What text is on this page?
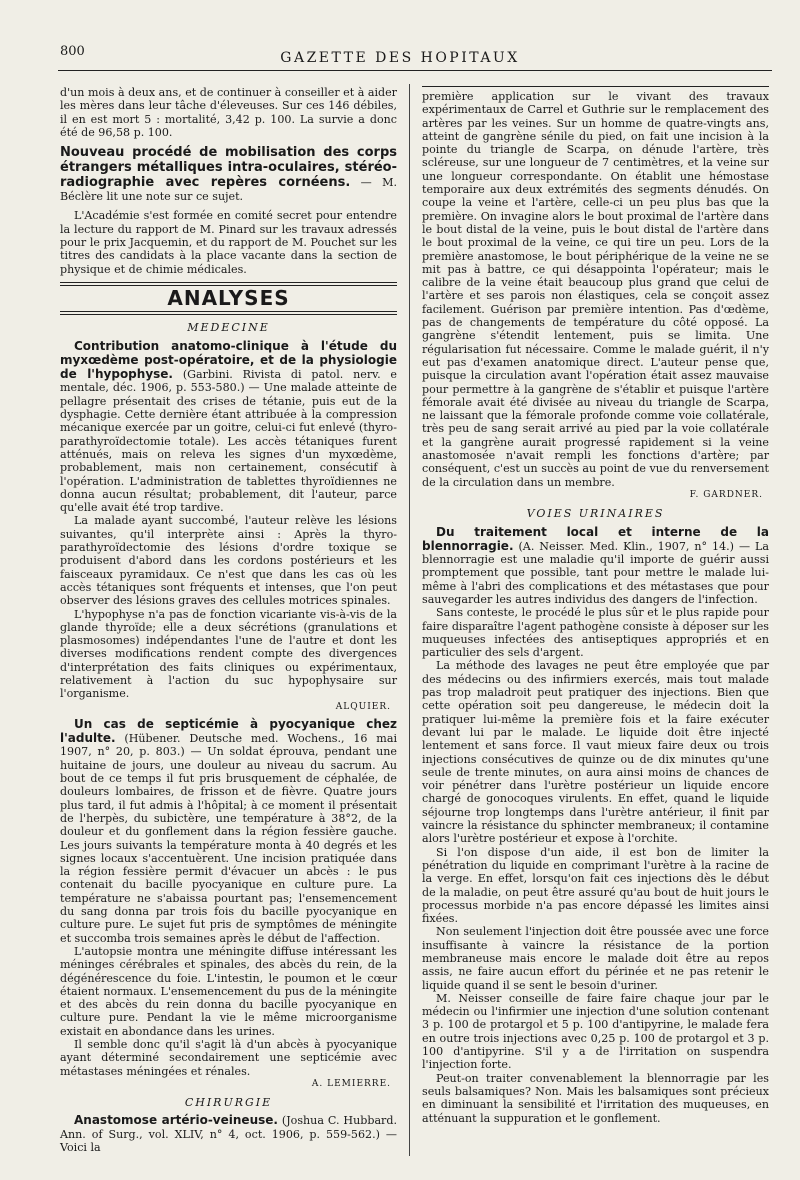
800	GAZETTE DES HOPITAUX

d'un mois à deux ans, et de continuer à conseiller et à aider les mères dans leur tâche d'éleveuses. Sur ces 146 débiles, il en est mort 5 : mortalité, 3,42 p. 100. La survie a donc été de 96,58 p. 100.

Nouveau procédé de mobilisation des corps étrangers métalliques intra-oculaires, stéréo-radiographie avec repères cornéens. — M. Béclère lit une note sur ce sujet.

L'Académie s'est formée en comité secret pour entendre la lecture du rapport de M. Pinard sur les travaux adressés pour le prix Jacquemin, et du rapport de M. Pouchet sur les titres des candidats à la place vacante dans la section de physique et de chimie médicales.

ANALYSES

MEDECINE

Contribution anatomo-clinique à l'étude du myxœdème post-opératoire, et de la physiologie de l'hypophyse. (Garbini. Rivista di patol. nerv. e mentale, déc. 1906, p. 553-580.) — Une malade atteinte de pellagre présentait des crises de tétanie, puis eut de la dysphagie. Cette dernière étant attribuée à la compression mécanique exercée par un goitre, celui-ci fut enlevé (thyro-parathyroïdectomie totale). Les accès tétaniques furent atténués, mais on releva les signes d'un myxœdème, probablement, mais non certainement, consécutif à l'opération. L'administration de tablettes thyroïdiennes ne donna aucun résultat; probablement, dit l'auteur, parce qu'elle avait été trop tardive.

La malade ayant succombé, l'auteur relève les lésions suivantes, qu'il interprète ainsi : Après la thyro-parathyroïdectomie des lésions d'ordre toxique se produisent d'abord dans les cordons postérieurs et les faisceaux pyramidaux. Ce n'est que dans les cas où les accès tétaniques sont fréquents et intenses, que l'on peut observer des lésions graves des cellules motrices spinales.

L'hypophyse n'a pas de fonction vicariante vis-à-vis de la glande thyroïde; elle a deux sécrétions (granulations et plasmosomes) indépendantes l'une de l'autre et dont les diverses modifications rendent compte des divergences d'interprétation des faits cliniques ou expérimentaux, relativement à l'action du suc hypophysaire sur l'organisme.

ALQUIER.

Un cas de septicémie à pyocyanique chez l'adulte. (Hübener. Deutsche med. Wochens., 16 mai 1907, n° 20, p. 803.) — Un soldat éprouva, pendant une huitaine de jours, une douleur au niveau du sacrum. Au bout de ce temps il fut pris brusquement de céphalée, de douleurs lombaires, de frisson et de fièvre. Quatre jours plus tard, il fut admis à l'hôpital; à ce moment il présentait de l'herpès, du subictère, une température à 38°2, de la douleur et du gonflement dans la région fessière gauche. Les jours suivants la température monta à 40 degrés et les signes locaux s'accentuèrent. Une incision pratiquée dans la région fessière permit d'évacuer un abcès : le pus contenait du bacille pyocyanique en culture pure. La température ne s'abaissa pourtant pas; l'ensemencement du sang donna par trois fois du bacille pyocyanique en culture pure. Le sujet fut pris de symptômes de méningite et succomba trois semaines après le début de l'affection.

L'autopsie montra une méningite diffuse intéressant les méninges cérébrales et spinales, des abcès du rein, de la dégénérescence du foie. L'intestin, le poumon et le cœur étaient normaux. L'ensemencement du pus de la méningite et des abcès du rein donna du bacille pyocyanique en culture pure. Pendant la vie le même microorganisme existait en abondance dans les urines.

Il semble donc qu'il s'agit là d'un abcès à pyocyanique ayant déterminé secondairement une septicémie avec métastases méningées et rénales.

A. LEMIERRE.

CHIRURGIE

Anastomose artério-veineuse. (Joshua C. Hubbard. Ann. of Surg., vol. XLIV, n° 4, oct. 1906, p. 559-562.) — Voici la

première application sur le vivant des travaux expérimentaux de Carrel et Guthrie sur le remplacement des artères par les veines. Sur un homme de quatre-vingts ans, atteint de gangrène sénile du pied, on fait une incision à la pointe du triangle de Scarpa, on dénude l'artère, très scléreuse, sur une longueur de 7 centimètres, et la veine sur une longueur correspondante. On établit une hémostase temporaire aux deux extrémités des segments dénudés. On coupe la veine et l'artère, celle-ci un peu plus bas que la première. On invagine alors le bout proximal de l'artère dans le bout distal de la veine, puis le bout distal de l'artère dans le bout proximal de la veine, ce qui tire un peu. Lors de la première anastomose, le bout périphérique de la veine ne se mit pas à battre, ce qui désappointa l'opérateur; mais le calibre de la veine était beaucoup plus grand que celui de l'artère et ses parois non élastiques, cela se conçoit assez facilement. Guérison par première intention. Pas d'œdème, pas de changements de température du côté opposé. La gangrène s'étendit lentement, puis se limita. Une régularisation fut nécessaire. Comme le malade guérit, il n'y eut pas d'examen anatomique direct. L'auteur pense que, puisque la circulation avant l'opération était assez mauvaise pour permettre à la gangrène de s'établir et puisque l'artère fémorale avait été divisée au niveau du triangle de Scarpa, ne laissant que la fémorale profonde comme voie collatérale, très peu de sang serait arrivé au pied par la voie collatérale et la gangrène aurait progressé rapidement si la veine anastomosée n'avait rempli les fonctions d'artère; par conséquent, c'est un succès au point de vue du renversement de la circulation dans un membre.

F. GARDNER.

VOIES URINAIRES

Du traitement local et interne de la blennorragie. (A. Neisser. Med. Klin., 1907, n° 14.) — La blennorragie est une maladie qu'il importe de guérir aussi promptement que possible, tant pour mettre le malade lui-même à l'abri des complications et des métastases que pour sauvegarder les autres individus des dangers de l'infection.

Sans conteste, le procédé le plus sûr et le plus rapide pour faire disparaître l'agent pathogène consiste à déposer sur les muqueuses infectées des antiseptiques appropriés et en particulier des sels d'argent.

La méthode des lavages ne peut être employée que par des médecins ou des infirmiers exercés, mais tout malade pas trop maladroit peut pratiquer des injections. Bien que cette opération soit peu dangereuse, le médecin doit la pratiquer lui-même la première fois et la faire exécuter devant lui par le malade. Le liquide doit être injecté lentement et sans force. Il vaut mieux faire deux ou trois injections consécutives de quinze ou de dix minutes qu'une seule de trente minutes, on aura ainsi moins de chances de voir pénétrer dans l'urètre postérieur un liquide encore chargé de gonocoques virulents. En effet, quand le liquide séjourne trop longtemps dans l'urètre antérieur, il finit par vaincre la résistance du sphincter membraneux; il contamine alors l'urètre postérieur et expose à l'orchite.

Si l'on dispose d'un aide, il est bon de limiter la pénétration du liquide en comprimant l'urètre à la racine de la verge. En effet, lorsqu'on fait ces injections dès le début de la maladie, on peut être assuré qu'au bout de huit jours le processus morbide n'a pas encore dépassé les limites ainsi fixées.

Non seulement l'injection doit être poussée avec une force insuffisante à vaincre la résistance de la portion membraneuse mais encore le malade doit être au repos assis, ne faire aucun effort du périnée et ne pas retenir le liquide quand il se sent le besoin d'uriner.

M. Neisser conseille de faire faire chaque jour par le médecin ou l'infirmier une injection d'une solution contenant 3 p. 100 de protargol et 5 p. 100 d'antipyrine, le malade fera en outre trois injections avec 0,25 p. 100 de protargol et 3 p. 100 d'antipyrine. S'il y a de l'irritation on suspendra l'injection forte.

Peut-on traiter convenablement la blennorragie par les seuls balsamiques? Non. Mais les balsamiques sont précieux en diminuant la sensibilité et l'irritation des muqueuses, en atténuant la suppuration et le gonflement.
